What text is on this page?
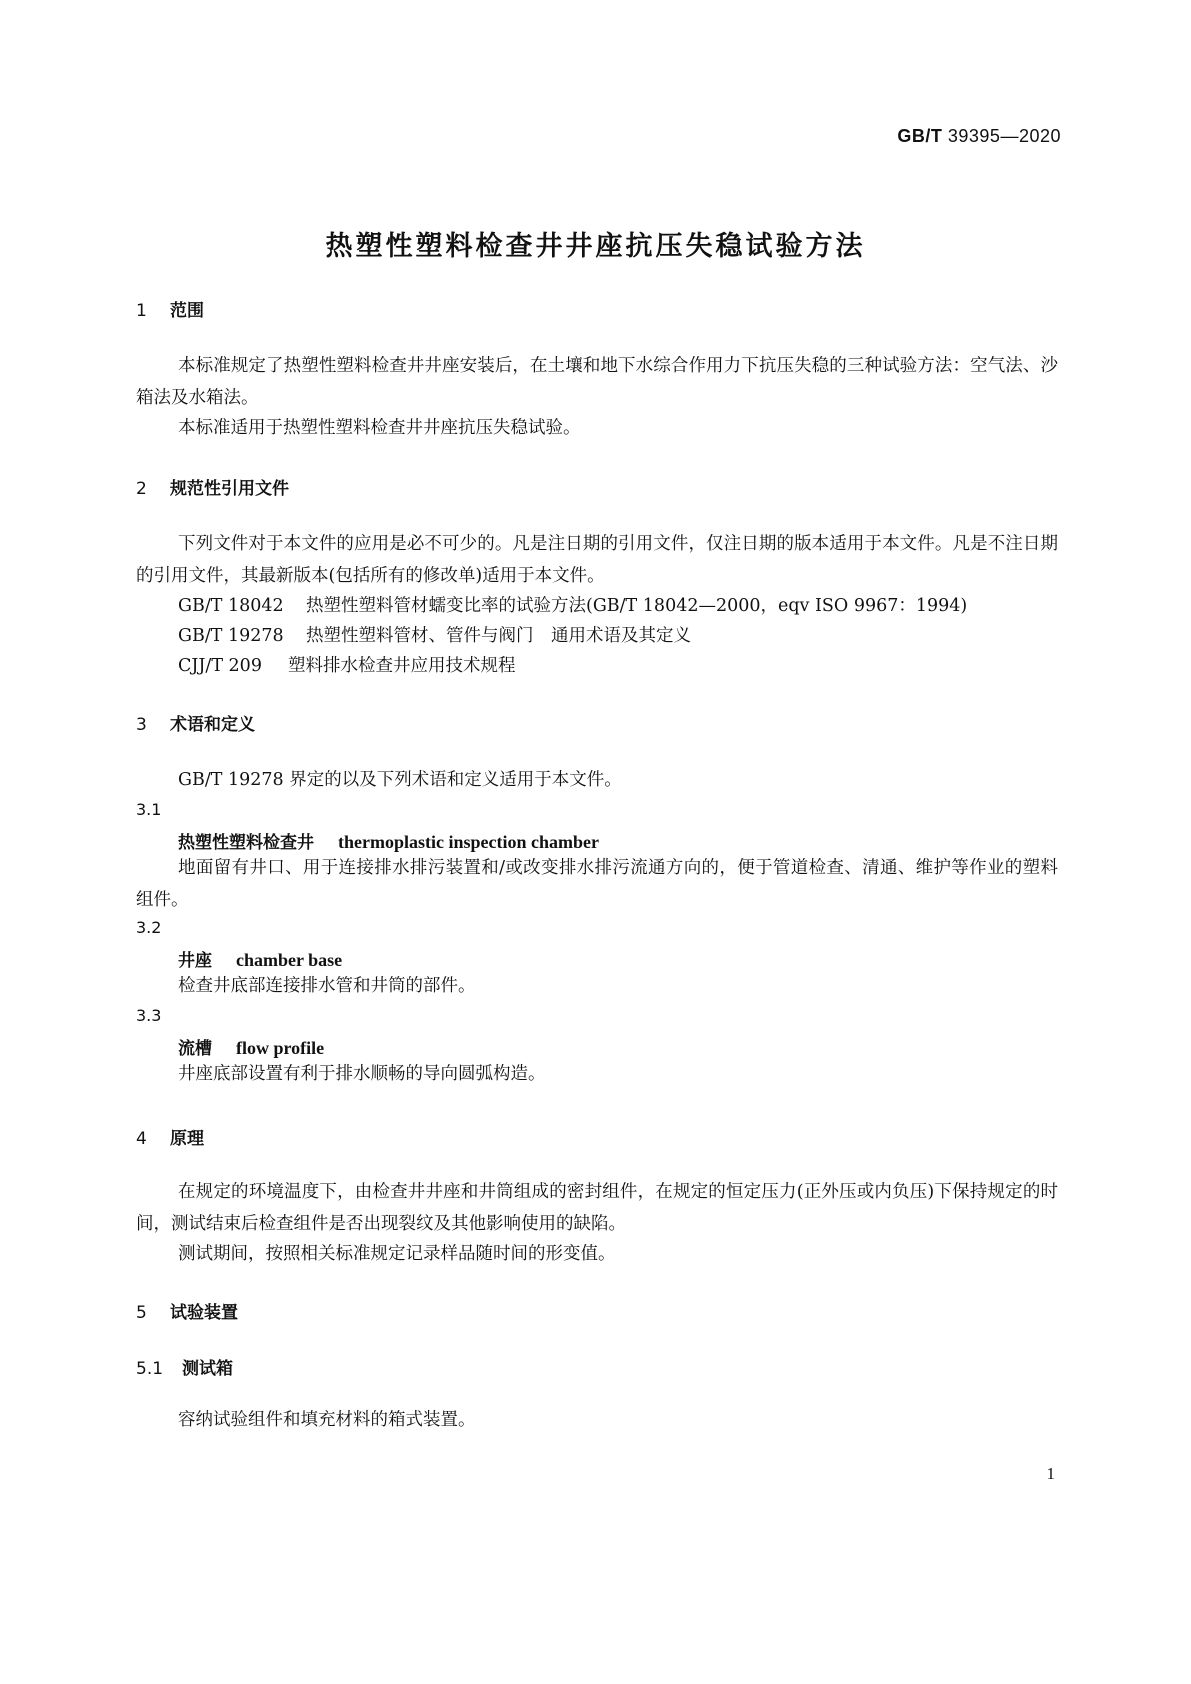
GB/T 39395—2020
热塑性塑料检查井井座抗压失稳试验方法
1 范围
本标准规定了热塑性塑料检查井井座安装后，在土壤和地下水综合作用力下抗压失稳的三种试验方法：空气法、沙箱法及水箱法。
本标准适用于热塑性塑料检查井井座抗压失稳试验。
2 规范性引用文件
下列文件对于本文件的应用是必不可少的。凡是注日期的引用文件，仅注日期的版本适用于本文件。凡是不注日期的引用文件，其最新版本(包括所有的修改单)适用于本文件。
GB/T 18042 热塑性塑料管材蠕变比率的试验方法(GB/T 18042—2000，eqv ISO 9967：1994)
GB/T 19278 热塑性塑料管材、管件与阀门　通用术语及其定义
CJJ/T 209 塑料排水检查井应用技术规程
3 术语和定义
GB/T 19278 界定的以及下列术语和定义适用于本文件。
3.1
热塑性塑料检查井 thermoplastic inspection chamber
地面留有井口、用于连接排水排污装置和/或改变排水排污流通方向的，便于管道检查、清通、维护等作业的塑料组件。
3.2
井座 chamber base
检查井底部连接排水管和井筒的部件。
3.3
流槽 flow profile
井座底部设置有利于排水顺畅的导向圆弧构造。
4 原理
在规定的环境温度下，由检查井井座和井筒组成的密封组件，在规定的恒定压力(正外压或内负压)下保持规定的时间，测试结束后检查组件是否出现裂纹及其他影响使用的缺陷。
测试期间，按照相关标准规定记录样品随时间的形变值。
5 试验装置
5.1 测试箱
容纳试验组件和填充材料的箱式装置。
1
